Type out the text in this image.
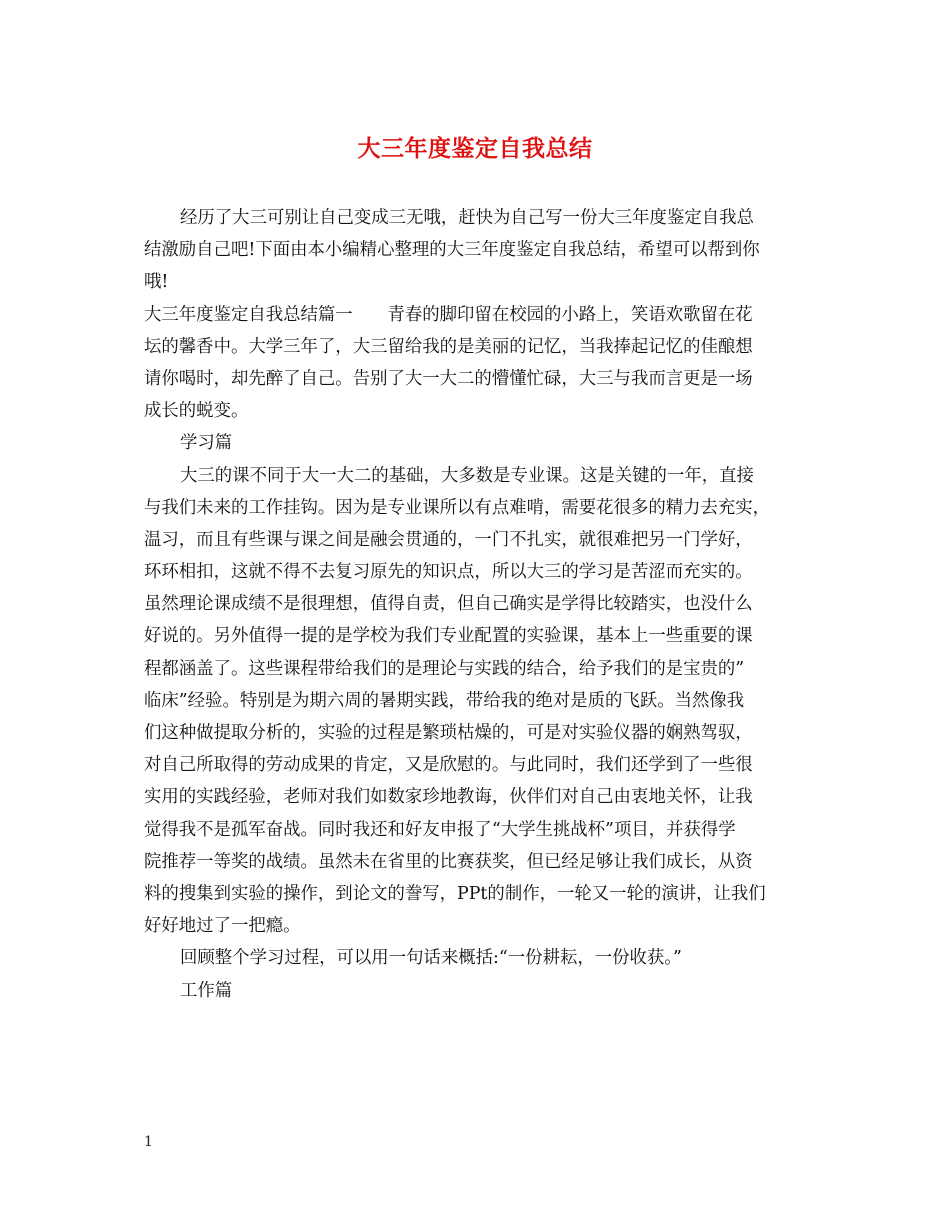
大三年度鉴定自我总结
经历了大三可别让自己变成三无哦，赶快为自己写一份大三年度鉴定自我总
结激励自己吧!下面由本小编精心整理的大三年度鉴定自我总结，希望可以帮到你
哦!
大三年度鉴定自我总结篇一　　青春的脚印留在校园的小路上，笑语欢歌留在花
坛的馨香中。大学三年了，大三留给我的是美丽的记忆，当我捧起记忆的佳酿想
请你喝时，却先醉了自己。告别了大一大二的懵懂忙碌，大三与我而言更是一场
成长的蜕变。
学习篇
大三的课不同于大一大二的基础，大多数是专业课。这是关键的一年，直接
与我们未来的工作挂钩。因为是专业课所以有点难啃，需要花很多的精力去充实，
温习，而且有些课与课之间是融会贯通的，一门不扎实，就很难把另一门学好，
环环相扣，这就不得不去复习原先的知识点，所以大三的学习是苦涩而充实的。
虽然理论课成绩不是很理想，值得自责，但自己确实是学得比较踏实，也没什么
好说的。另外值得一提的是学校为我们专业配置的实验课，基本上一些重要的课
程都涵盖了。这些课程带给我们的是理论与实践的结合，给予我们的是宝贵的”
临床”经验。特别是为期六周的暑期实践，带给我的绝对是质的飞跃。当然像我
们这种做提取分析的，实验的过程是繁琐枯燥的，可是对实验仪器的娴熟驾驭，
对自己所取得的劳动成果的肯定，又是欣慰的。与此同时，我们还学到了一些很
实用的实践经验，老师对我们如数家珍地教诲，伙伴们对自己由衷地关怀，让我
觉得我不是孤军奋战。同时我还和好友申报了“大学生挑战杯”项目，并获得学
院推荐一等奖的战绩。虽然未在省里的比赛获奖，但已经足够让我们成长，从资
料的搜集到实验的操作，到论文的誊写，PPt的制作，一轮又一轮的演讲，让我们
好好地过了一把瘾。
回顾整个学习过程，可以用一句话来概括:“一份耕耘，一份收获。”
工作篇
1
